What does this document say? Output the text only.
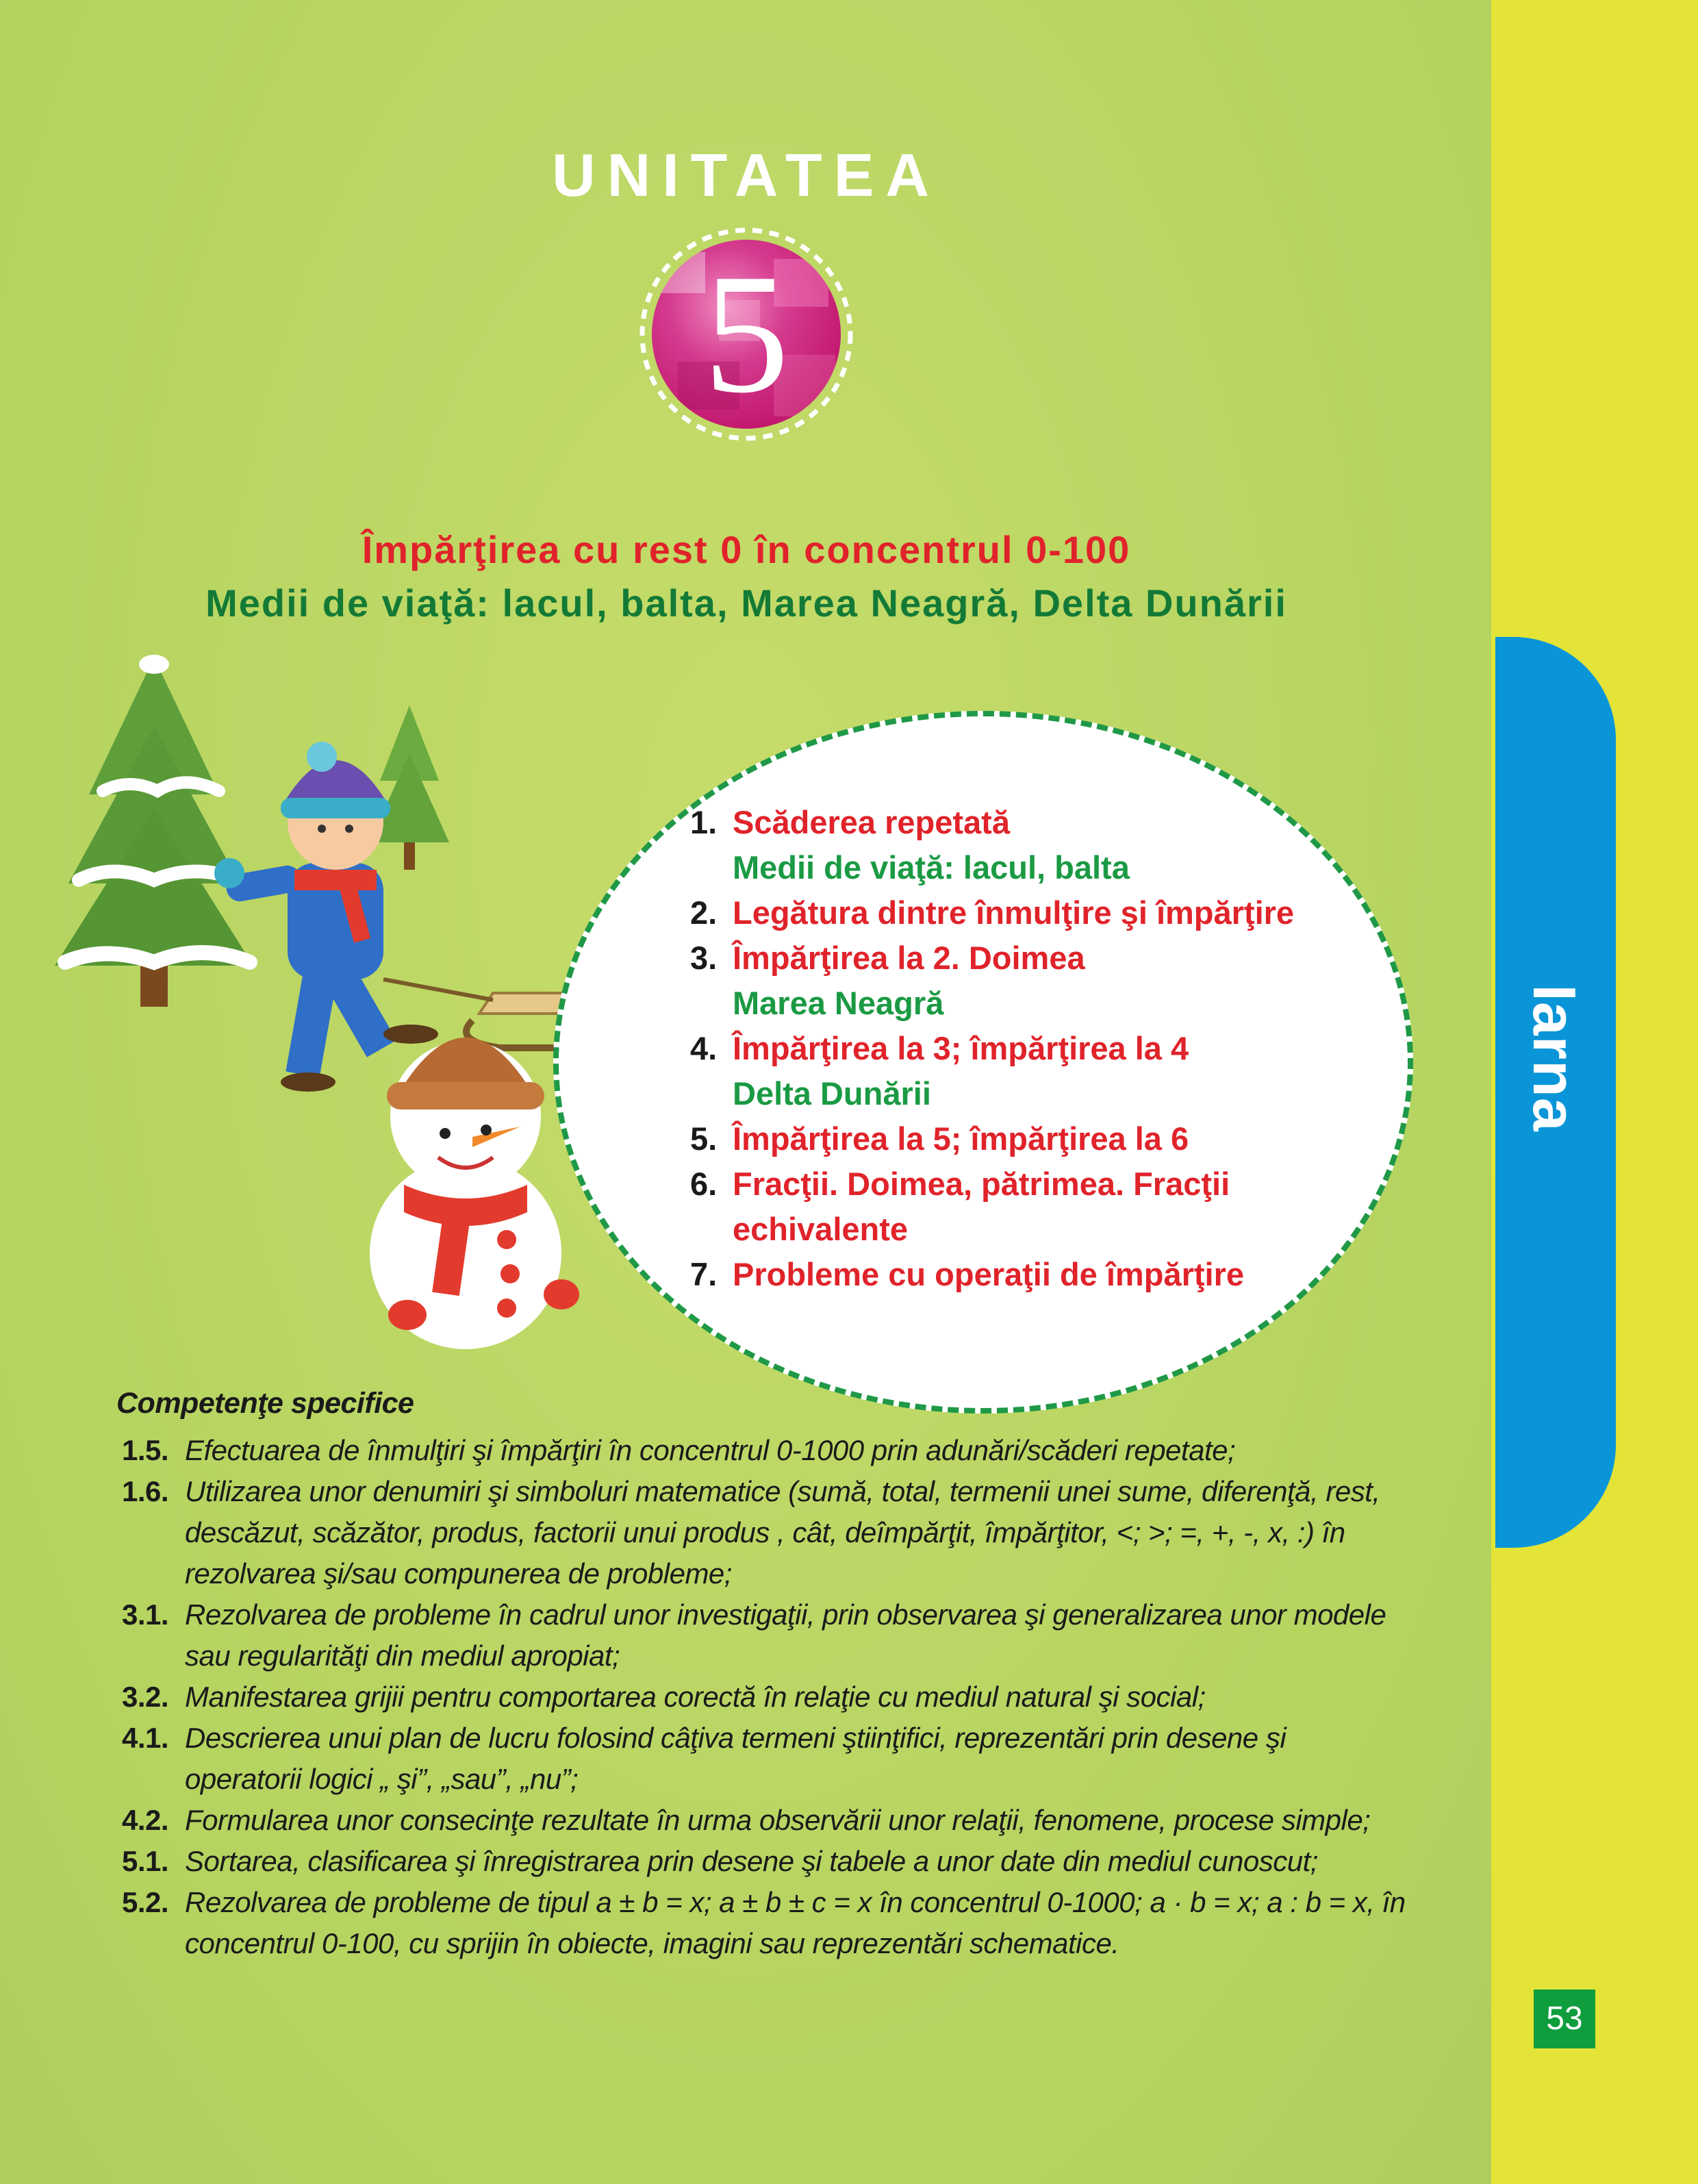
Iarna
53
UNITATEA
5
Împărţirea cu rest 0 în concentrul 0-100
Medii de viaţă: lacul, balta, Marea Neagră, Delta Dunării
1. Scăderea repetată
Medii de viaţă: lacul, balta
2. Legătura dintre înmulţire şi împărţire
3. Împărţirea la 2. Doimea
Marea Neagră
4. Împărţirea la 3; împărţirea la 4
Delta Dunării
5. Împărţirea la 5; împărţirea la 6
6. Fracţii. Doimea, pătrimea. Fracţii echivalente
7. Probleme cu operaţii de împărţire
Competenţe specifice
1.5. Efectuarea de înmulţiri şi împărţiri în concentrul 0-1000 prin adunări/scăderi repetate;
1.6. Utilizarea unor denumiri şi simboluri matematice (sumă, total, termenii unei sume, diferenţă, rest, descăzut, scăzător, produs, factorii unui produs , cât, deîmpărţit, împărţitor, <; >; =, +, -, x, :) în rezolvarea şi/sau compunerea de probleme;
3.1. Rezolvarea de probleme în cadrul unor investigaţii, prin observarea şi generalizarea unor modele sau regularităţi din mediul apropiat;
3.2. Manifestarea grijii pentru comportarea corectă în relaţie cu mediul natural şi social;
4.1. Descrierea unui plan de lucru folosind câţiva termeni ştiinţifici, reprezentări prin desene şi operatorii logici „ şi”, „sau”, „nu”;
4.2. Formularea unor consecinţe rezultate în urma observării unor relaţii, fenomene, procese simple;
5.1. Sortarea, clasificarea şi înregistrarea prin desene şi tabele a unor date din mediul cunoscut;
5.2. Rezolvarea de probleme de tipul a ± b = x; a ± b ± c = x în concentrul 0-1000; a · b = x; a : b = x, în concentrul 0-100, cu sprijin în obiecte, imagini sau reprezentări schematice.
